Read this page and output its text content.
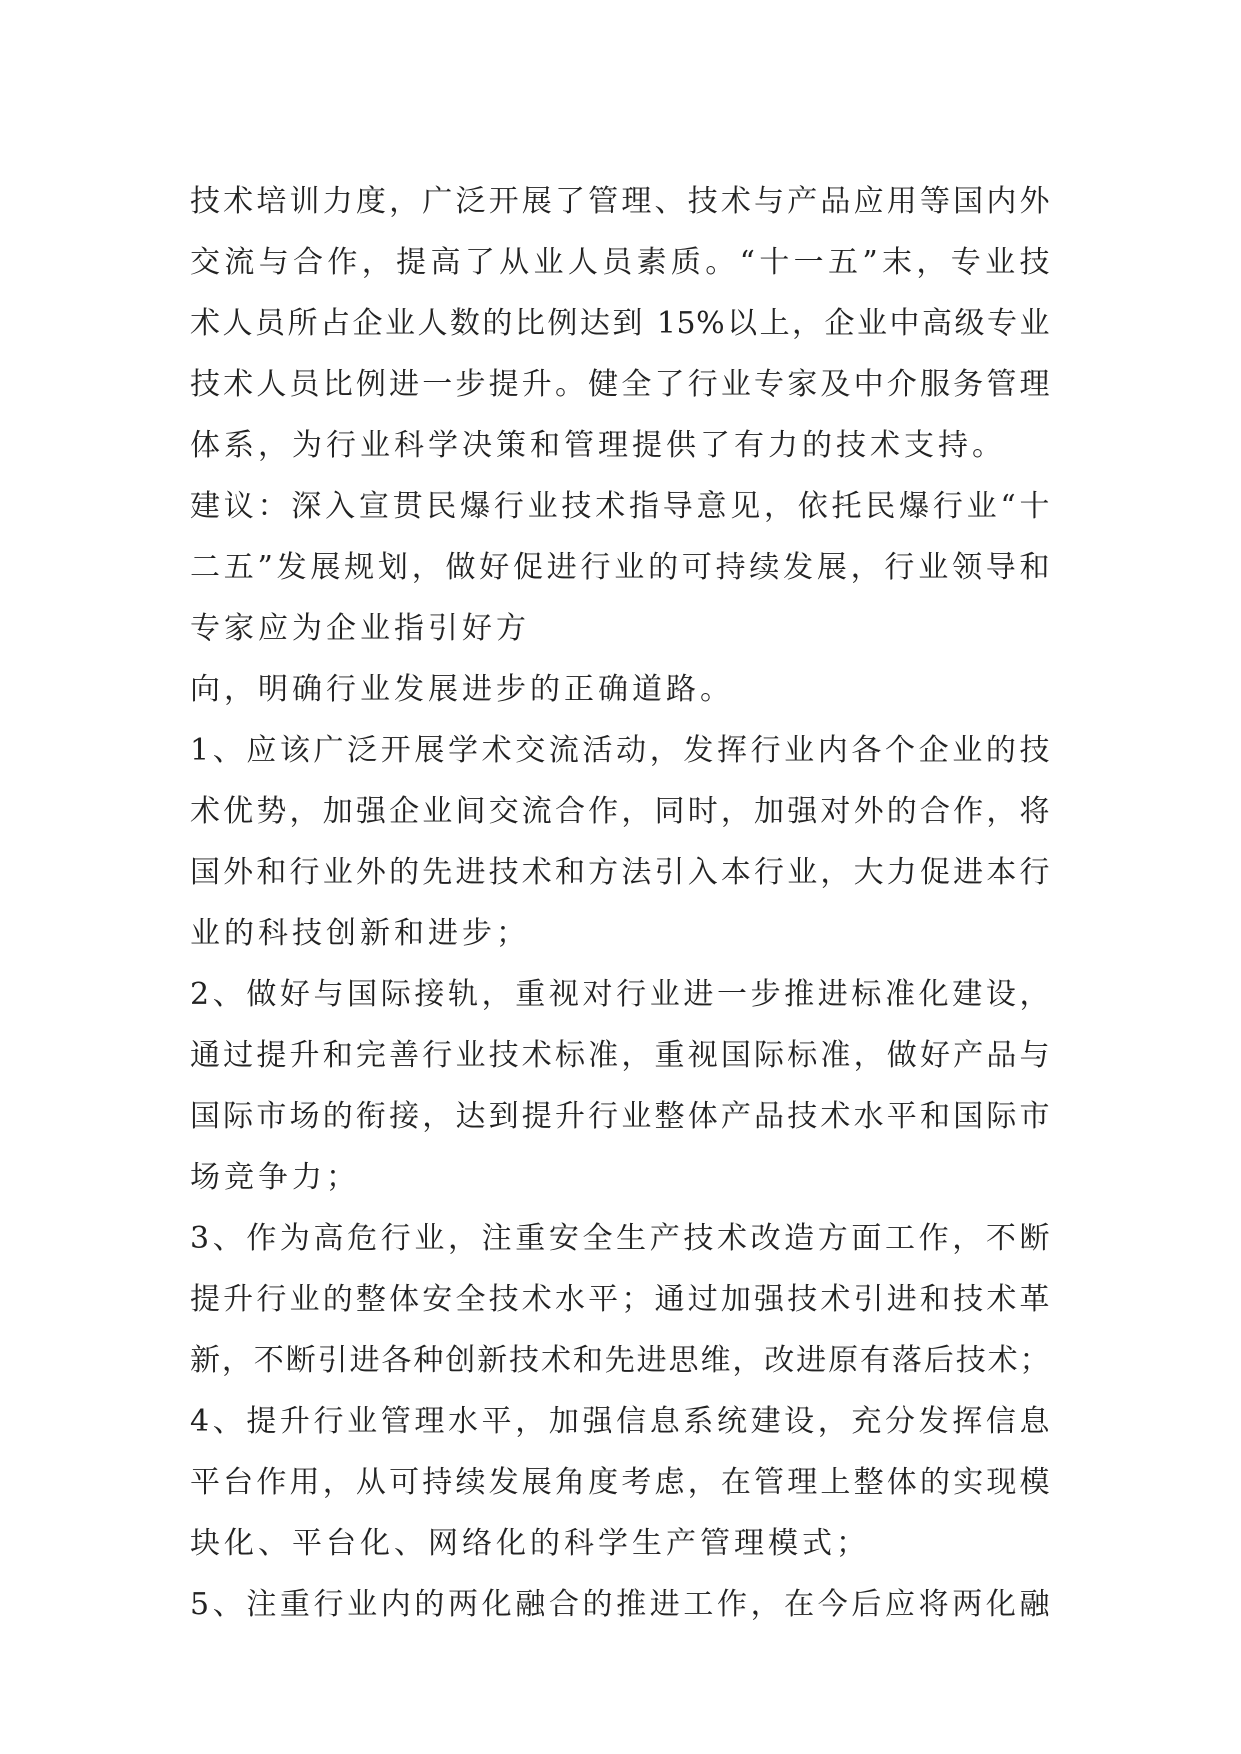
技术培训力度，广泛开展了管理、技术与产品应用等国内外
交流与合作，提高了从业人员素质。“十一五”末，专业技
术人员所占企业人数的比例达到 15%以上，企业中高级专业
技术人员比例进一步提升。健全了行业专家及中介服务管理
体系，为行业科学决策和管理提供了有力的技术支持。
建议：深入宣贯民爆行业技术指导意见，依托民爆行业“十
二五”发展规划，做好促进行业的可持续发展，行业领导和
专家应为企业指引好方
向，明确行业发展进步的正确道路。
1、应该广泛开展学术交流活动，发挥行业内各个企业的技
术优势，加强企业间交流合作，同时，加强对外的合作，将
国外和行业外的先进技术和方法引入本行业，大力促进本行
业的科技创新和进步；
2、做好与国际接轨，重视对行业进一步推进标准化建设，
通过提升和完善行业技术标准，重视国际标准，做好产品与
国际市场的衔接，达到提升行业整体产品技术水平和国际市
场竞争力；
3、作为高危行业，注重安全生产技术改造方面工作，不断
提升行业的整体安全技术水平；通过加强技术引进和技术革
新，不断引进各种创新技术和先进思维，改进原有落后技术；
4、提升行业管理水平，加强信息系统建设，充分发挥信息
平台作用，从可持续发展角度考虑，在管理上整体的实现模
块化、平台化、网络化的科学生产管理模式；
5、注重行业内的两化融合的推进工作，在今后应将两化融
